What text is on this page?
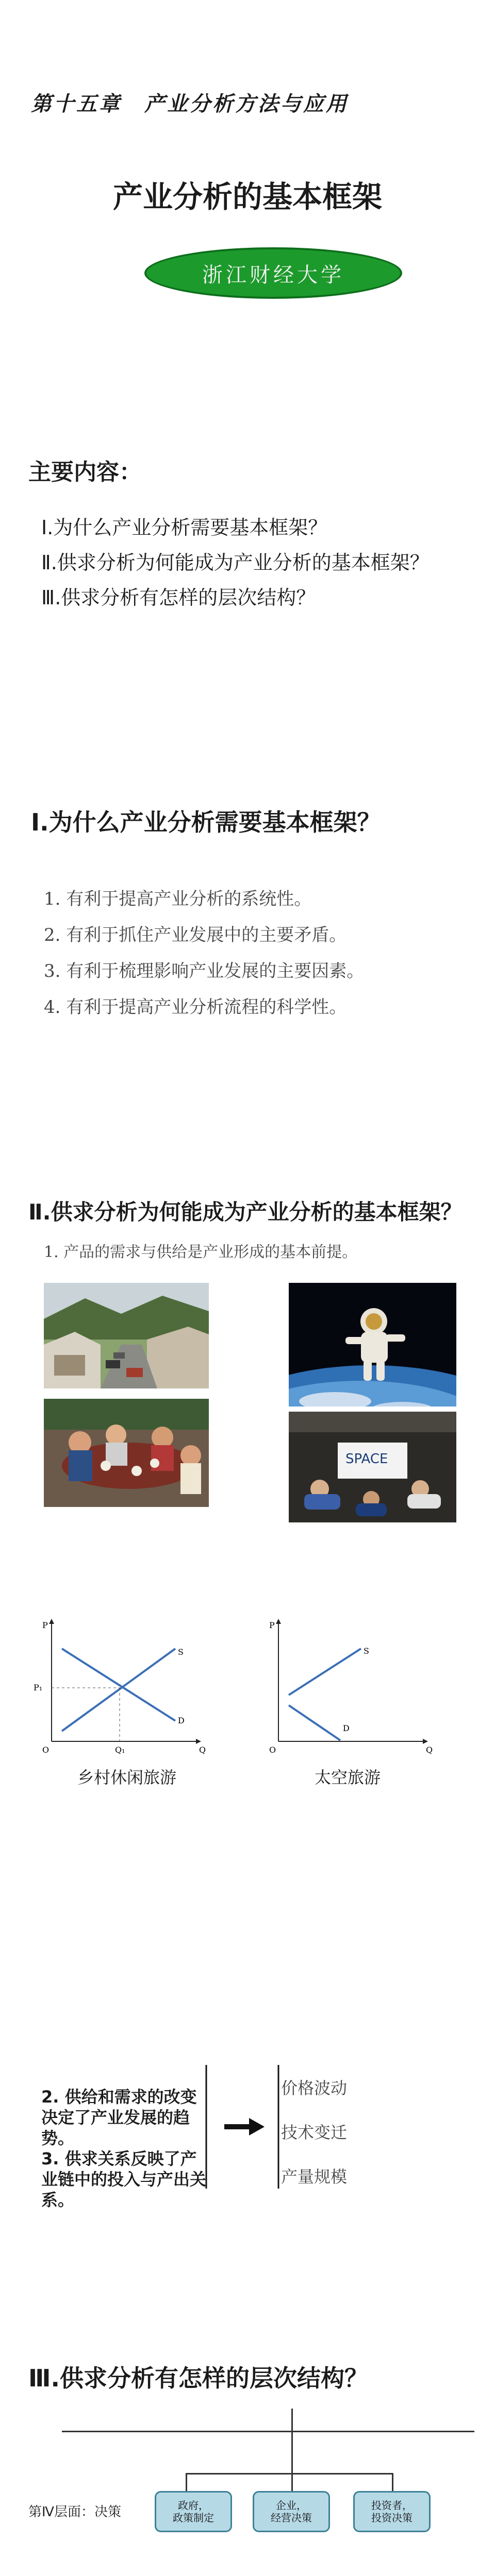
第十五章　产业分析方法与应用
产业分析的基本框架
浙江财经大学
主要内容：
Ⅰ.为什么产业分析需要基本框架？
Ⅱ.供求分析为何能成为产业分析的基本框架？
Ⅲ.供求分析有怎样的层次结构？
Ⅰ.为什么产业分析需要基本框架？
1. 有利于提高产业分析的系统性。
2. 有利于抓住产业发展中的主要矛盾。
3. 有利于梳理影响产业发展的主要因素。
4. 有利于提高产业分析流程的科学性。
Ⅱ.供求分析为何能成为产业分析的基本框架？
1. 产品的需求与供给是产业形成的基本前提。
SPACE
P
Q
O
S
D
P₁
Q₁
乡村休闲旅游
P
Q
O
S
D
太空旅游

2. 供给和需求的改变决定了产业发展的趋势。
3. 供求关系反映了产业链中的投入与产出关系。

价格波动
技术变迁
产量规模
Ⅲ.供求分析有怎样的层次结构？
第Ⅳ层面：决策	政府，
政策制定
企业，
经营决策
投资者，
投资决策
